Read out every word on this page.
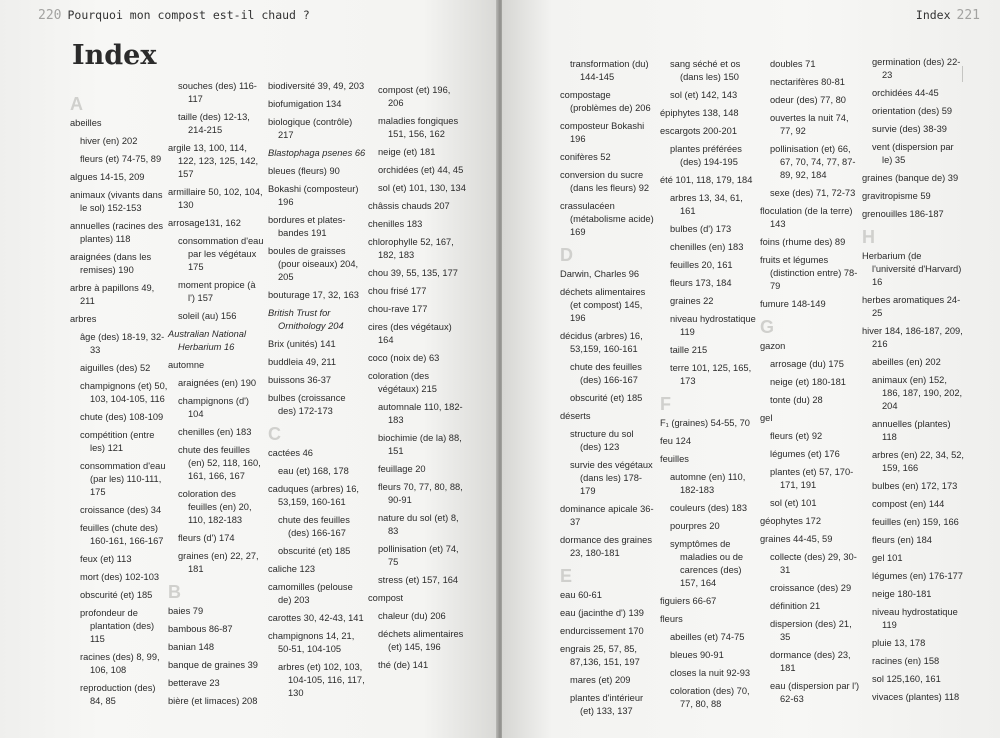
220 Pourquoi mon compost est-il chaud ?
Index
A
abeilles
hiver (en) 202
fleurs (et) 74-75, 89
algues 14-15, 209
animaux (vivants dans le sol) 152-153
annuelles (racines des plantes) 118
araignées (dans les remises) 190
arbre à papillons 49, 211
arbres
âge (des) 18-19, 32-33
aiguilles (des) 52
champignons (et) 50, 103, 104-105, 116
chute (des) 108-109
compétition (entre les) 121
consommation d'eau (par les) 110-111, 175
croissance (des) 34
feuilles (chute des) 160-161, 166-167
feux (et) 113
mort (des) 102-103
obscurité (et) 185
profondeur de plantation (des) 115
racines (des) 8, 99, 106, 108
reproduction (des) 84, 85
souches (des) 116-117
taille (des) 12-13, 214-215
argile 13, 100, 114, 122, 123, 125, 142, 157
armillaire 50, 102, 104, 130
arrosage131, 162
consommation d'eau par les végétaux 175
moment propice (à l') 157
soleil (au) 156
Australian National Herbarium 16
automne
araignées (en) 190
champignons (d') 104
chenilles (en) 183
chute des feuilles (en) 52, 118, 160, 161, 166, 167
coloration des feuilles (en) 20, 110, 182-183
fleurs (d') 174
graines (en) 22, 27, 181
B
baies 79
bambous 86-87
banian 148
banque de graines 39
betterave 23
bière (et limaces) 208
biodiversité 39, 49, 203
biofumigation 134
biologique (contrôle) 217
Blastophaga psenes 66
bleues (fleurs) 90
Bokashi (composteur) 196
bordures et plates-bandes 191
boules de graisses (pour oiseaux) 204, 205
bouturage 17, 32, 163
British Trust for Ornithology 204
Brix (unités) 141
buddleia 49, 211
buissons 36-37
bulbes (croissance des) 172-173
C
cactées 46
eau (et) 168, 178
caduques (arbres) 16, 53,159, 160-161
chute des feuilles (des) 166-167
obscurité (et) 185
caliche 123
camomilles (pelouse de) 203
carottes 30, 42-43, 141
champignons 14, 21, 50-51, 104-105
arbres (et) 102, 103, 104-105, 116, 117, 130
compost (et) 196, 206
maladies fongiques 151, 156, 162
neige (et) 181
orchidées (et) 44, 45
sol (et) 101, 130, 134
châssis chauds 207
chenilles 183
chlorophylle 52, 167, 182, 183
chou 39, 55, 135, 177
chou frisé 177
chou-rave 177
cires (des végétaux) 164
coco (noix de) 63
coloration (des végétaux) 215
automnale 110, 182-183
biochimie (de la) 88, 151
feuillage 20
fleurs 70, 77, 80, 88, 90-91
nature du sol (et) 8, 83
pollinisation (et) 74, 75
stress (et) 157, 164
compost
chaleur (du) 206
déchets alimentaires (et) 145, 196
thé (de) 141
Index 221
transformation (du) 144-145
compostage (problèmes de) 206
composteur Bokashi 196
conifères 52
conversion du sucre (dans les fleurs) 92
crassulacéen (métabolisme acide) 169
D
Darwin, Charles 96
déchets alimentaires (et compost) 145, 196
décidus (arbres) 16, 53,159, 160-161
chute des feuilles (des) 166-167
obscurité (et) 185
déserts
structure du sol (des) 123
survie des végétaux (dans les) 178-179
dominance apicale 36-37
dormance des graines 23, 180-181
E
eau 60-61
eau (jacinthe d') 139
endurcissement 170
engrais 25, 57, 85, 87,136, 151, 197
mares (et) 209
plantes d'intérieur (et) 133, 137
sang séché et os (dans les) 150
sol (et) 142, 143
épiphytes 138, 148
escargots 200-201
plantes préférées (des) 194-195
été 101, 118, 179, 184
arbres 13, 34, 61, 161
bulbes (d') 173
chenilles (en) 183
feuilles 20, 161
fleurs 173, 184
graines 22
niveau hydrostatique 119
taille 215
terre 101, 125, 165, 173
F
F₁ (graines) 54-55, 70
feu 124
feuilles
automne (en) 110, 182-183
couleurs (des) 183
pourpres 20
symptômes de maladies ou de carences (des) 157, 164
figuiers 66-67
fleurs
abeilles (et) 74-75
bleues 90-91
closes la nuit 92-93
coloration (des) 70, 77, 80, 88
doubles 71
nectarifères 80-81
odeur (des) 77, 80
ouvertes la nuit 74, 77, 92
pollinisation (et) 66, 67, 70, 74, 77, 87-89, 92, 184
sexe (des) 71, 72-73
floculation (de la terre) 143
foins (rhume des) 89
fruits et légumes (distinction entre) 78-79
fumure 148-149
G
gazon
arrosage (du) 175
neige (et) 180-181
tonte (du) 28
gel
fleurs (et) 92
légumes (et) 176
plantes (et) 57, 170-171, 191
sol (et) 101
géophytes 172
graines 44-45, 59
collecte (des) 29, 30-31
croissance (des) 29
définition 21
dispersion (des) 21, 35
dormance (des) 23, 181
eau (dispersion par l') 62-63
germination (des) 22-23
orchidées 44-45
orientation (des) 59
survie (des) 38-39
vent (dispersion par le) 35
graines (banque de) 39
gravitropisme 59
grenouilles 186-187
H
Herbarium (de l'université d'Harvard) 16
herbes aromatiques 24-25
hiver 184, 186-187, 209, 216
abeilles (en) 202
animaux (en) 152, 186, 187, 190, 202, 204
annuelles (plantes) 118
arbres (en) 22, 34, 52, 159, 166
bulbes (en) 172, 173
compost (en) 144
feuilles (en) 159, 166
fleurs (en) 184
gel 101
légumes (en) 176-177
neige 180-181
niveau hydrostatique 119
pluie 13, 178
racines (en) 158
sol 125,160, 161
vivaces (plantes) 118
